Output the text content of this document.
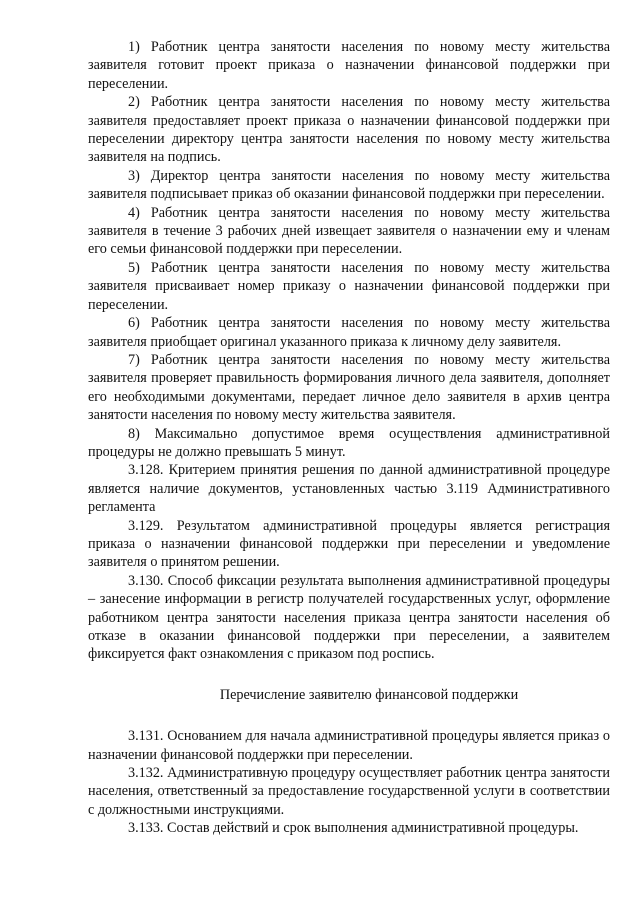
1) Работник центра занятости населения по новому месту жительства заявителя готовит проект приказа о назначении финансовой поддержки при переселении.

2) Работник центра занятости населения по новому месту жительства заявителя предоставляет проект приказа о назначении финансовой поддержки при переселении директору центра занятости населения по новому месту жительства заявителя на подпись.

3) Директор центра занятости населения по новому месту жительства заявителя подписывает приказ об оказании финансовой поддержки при переселении.

4) Работник центра занятости населения по новому месту жительства заявителя в течение 3 рабочих дней извещает заявителя о назначении ему и членам его семьи финансовой поддержки при переселении.

5) Работник центра занятости населения по новому месту жительства заявителя присваивает номер приказу о назначении финансовой поддержки при переселении.

6) Работник центра занятости населения по новому месту жительства заявителя приобщает оригинал указанного приказа к личному делу заявителя.

7) Работник центра занятости населения по новому месту жительства заявителя проверяет правильность формирования личного дела заявителя, дополняет его необходимыми документами, передает личное дело заявителя в архив центра занятости населения по новому месту жительства заявителя.

8) Максимально допустимое время осуществления административной процедуры не должно превышать 5 минут.

3.128. Критерием принятия решения по данной административной процедуре является наличие документов, установленных частью 3.119 Административного регламента

3.129. Результатом административной процедуры является регистрация приказа о назначении финансовой поддержки при переселении и уведомление заявителя о принятом решении.

3.130. Способ фиксации результата выполнения административной процедуры – занесение информации в регистр получателей государственных услуг, оформление работником центра занятости населения приказа центра занятости населения об отказе в оказании финансовой поддержки при переселении, а заявителем фиксируется факт ознакомления с приказом под роспись.

Перечисление заявителю финансовой поддержки

3.131. Основанием для начала административной процедуры является приказ о назначении финансовой поддержки при переселении.

3.132. Административную процедуру осуществляет работник центра занятости населения, ответственный за предоставление государственной услуги в соответствии с должностными инструкциями.

3.133. Состав действий и срок выполнения административной процедуры.
